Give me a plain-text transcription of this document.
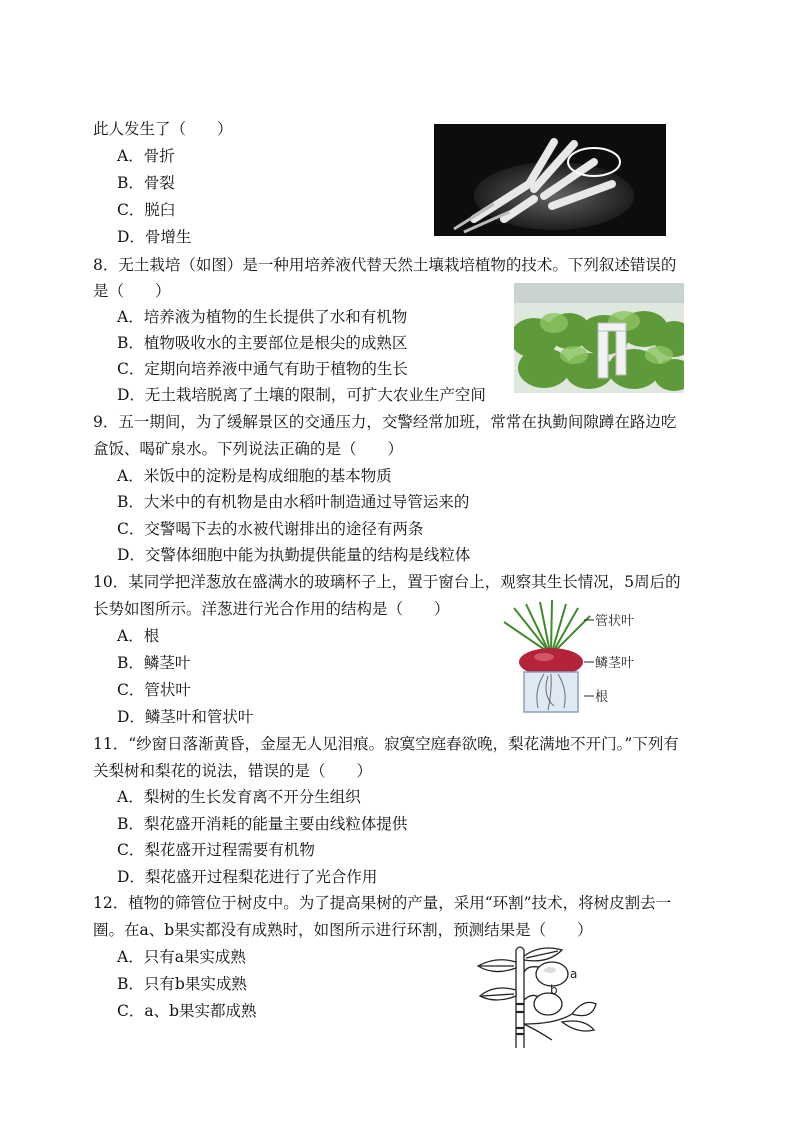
此人发生了（　　）
A．骨折
B．骨裂
C．脱臼
D．骨增生
8．无土栽培（如图）是一种用培养液代替天然土壤栽培植物的技术。下列叙述错误的
是（　　）
A．培养液为植物的生长提供了水和有机物
B．植物吸收水的主要部位是根尖的成熟区
C．定期向培养液中通气有助于植物的生长
D．无土栽培脱离了土壤的限制，可扩大农业生产空间
9．五一期间，为了缓解景区的交通压力，交警经常加班，常常在执勤间隙蹲在路边吃
盒饭、喝矿泉水。下列说法正确的是（　　）
A．米饭中的淀粉是构成细胞的基本物质
B．大米中的有机物是由水稻叶制造通过导管运来的
C．交警喝下去的水被代谢排出的途径有两条
D．交警体细胞中能为执勤提供能量的结构是线粒体
10．某同学把洋葱放在盛满水的玻璃杯子上，置于窗台上，观察其生长情况，5周后的
长势如图所示。洋葱进行光合作用的结构是（　　）
A．根
B．鳞茎叶
C．管状叶
D．鳞茎叶和管状叶
管状叶
鳞茎叶
根
11．“纱窗日落渐黄昏，金屋无人见泪痕。寂寞空庭春欲晚，梨花满地不开门。”下列有
关梨树和梨花的说法，错误的是（　　）
A．梨树的生长发育离不开分生组织
B．梨花盛开消耗的能量主要由线粒体提供
C．梨花盛开过程需要有机物
D．梨花盛开过程梨花进行了光合作用
12．植物的筛管位于树皮中。为了提高果树的产量，采用“环割”技术，将树皮割去一
圈。在a、b果实都没有成熟时，如图所示进行环割，预测结果是（　　）
A．只有a果实成熟
B．只有b果实成熟
C．a、b果实都成熟
a
b
